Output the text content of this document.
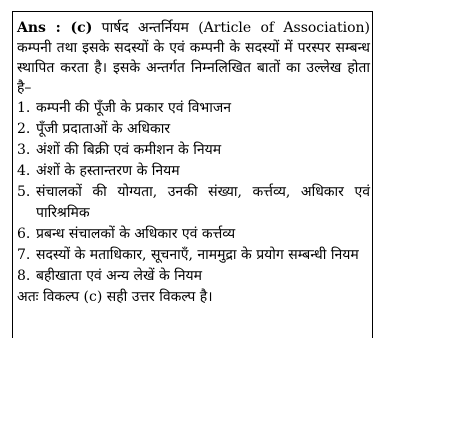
Ans : (c) पार्षद अन्तर्नियम (Article of Association) कम्पनी तथा इसके सदस्यों के एवं कम्पनी के सदस्यों में परस्पर सम्बन्ध स्थापित करता है। इसके अन्तर्गत निम्नलिखित बातों का उल्लेख होता है–

1. कम्पनी की पूँजी के प्रकार एवं विभाजन
2. पूँजी प्रदाताओं के अधिकार
3. अंशों की बिक्री एवं कमीशन के नियम
4. अंशों के हस्तान्तरण के नियम
5. संचालकों की योग्यता, उनकी संख्या, कर्त्तव्य, अधिकार एवं पारिश्रमिक
6. प्रबन्ध संचालकों के अधिकार एवं कर्त्तव्य
7. सदस्यों के मताधिकार, सूचनाएँ, नाममुद्रा के प्रयोग सम्बन्धी नियम
8. बहीखाता एवं अन्य लेखें के नियम

अतः विकल्प (c) सही उत्तर विकल्प है।
